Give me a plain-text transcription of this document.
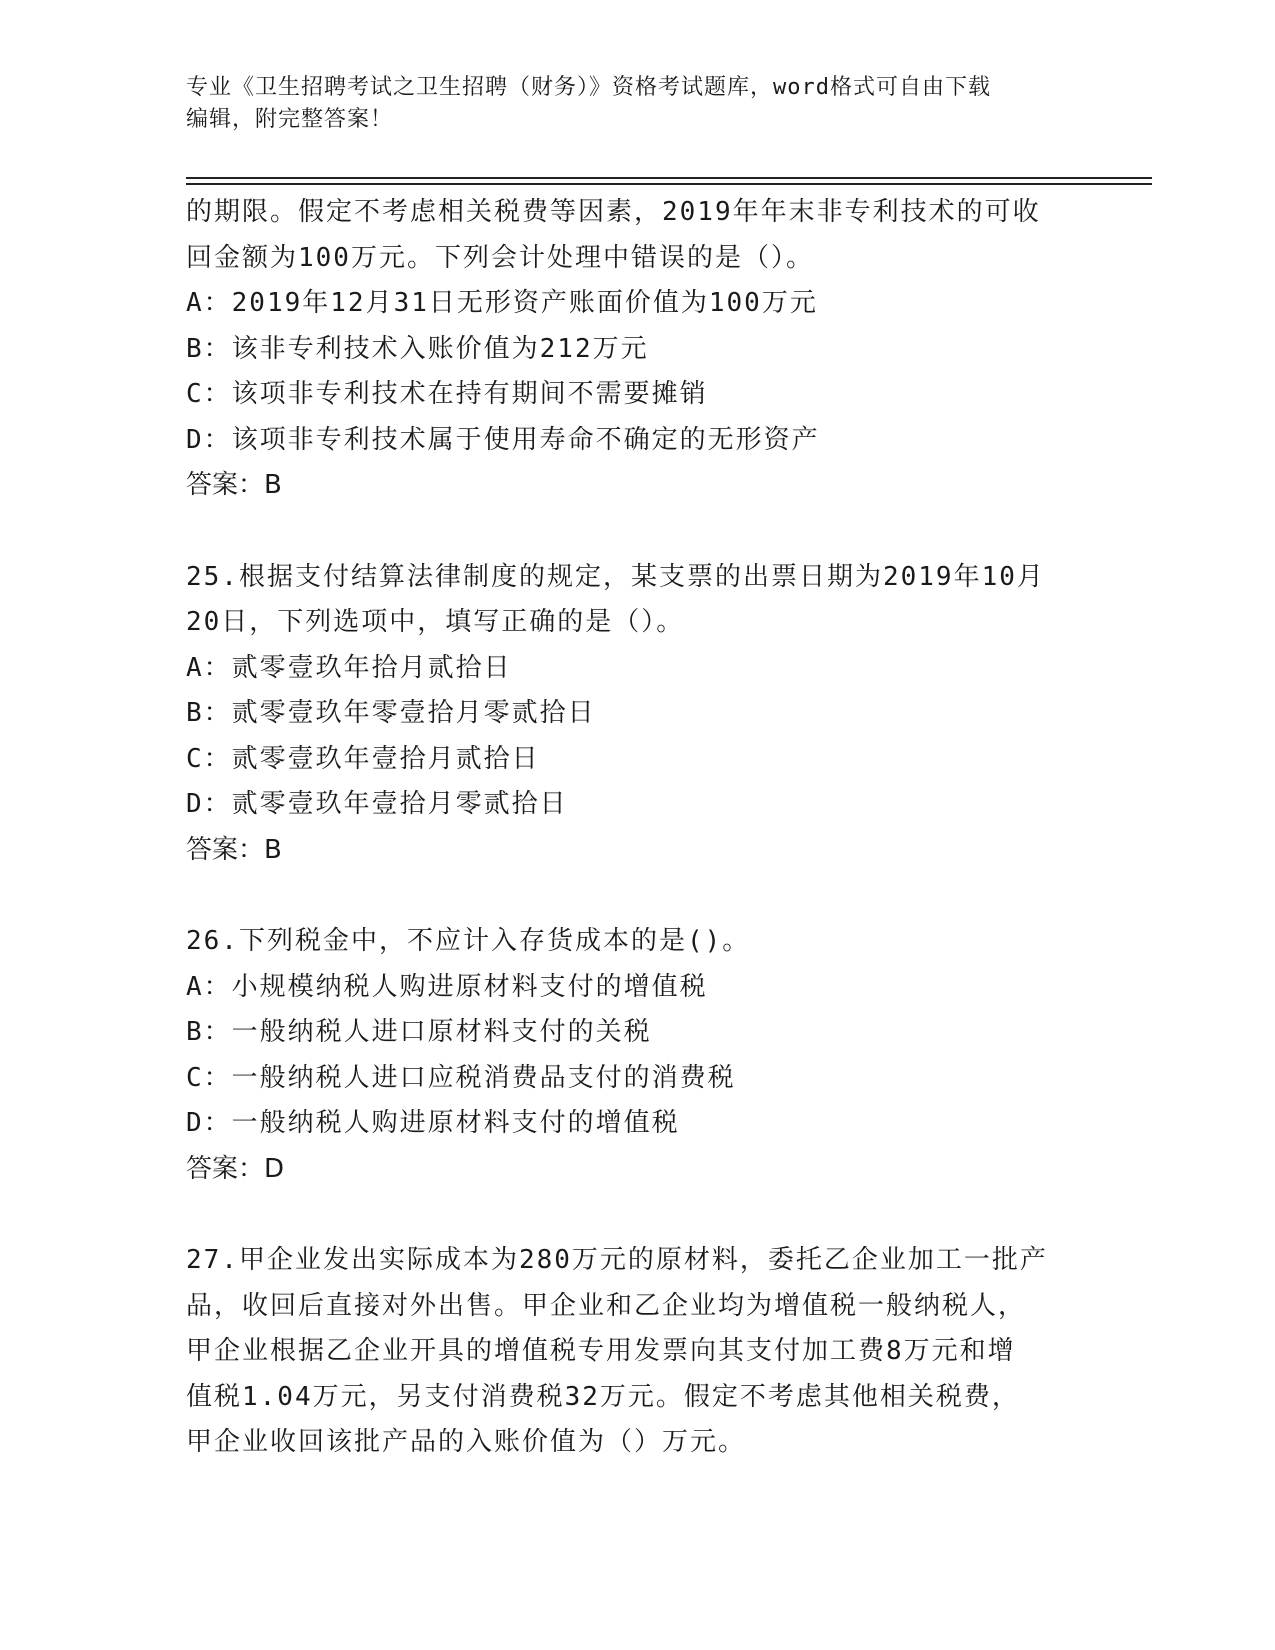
专业《卫生招聘考试之卫生招聘（财务）》资格考试题库，word格式可自由下载
编辑，附完整答案！
的期限。假定不考虑相关税费等因素，2019年年末非专利技术的可收
回金额为100万元。下列会计处理中错误的是（）。
A：2019年12月31日无形资产账面价值为100万元
B：该非专利技术入账价值为212万元
C：该项非专利技术在持有期间不需要摊销
D：该项非专利技术属于使用寿命不确定的无形资产
答案：B
25.根据支付结算法律制度的规定，某支票的出票日期为2019年10月
20日，下列选项中，填写正确的是（）。
A：贰零壹玖年拾月贰拾日
B：贰零壹玖年零壹拾月零贰拾日
C：贰零壹玖年壹拾月贰拾日
D：贰零壹玖年壹拾月零贰拾日
答案：B
26.下列税金中，不应计入存货成本的是()。
A：小规模纳税人购进原材料支付的增值税
B：一般纳税人进口原材料支付的关税
C：一般纳税人进口应税消费品支付的消费税
D：一般纳税人购进原材料支付的增值税
答案：D
27.甲企业发出实际成本为280万元的原材料，委托乙企业加工一批产
品，收回后直接对外出售。甲企业和乙企业均为增值税一般纳税人，
甲企业根据乙企业开具的增值税专用发票向其支付加工费8万元和增
值税1.04万元，另支付消费税32万元。假定不考虑其他相关税费，
甲企业收回该批产品的入账价值为（）万元。
